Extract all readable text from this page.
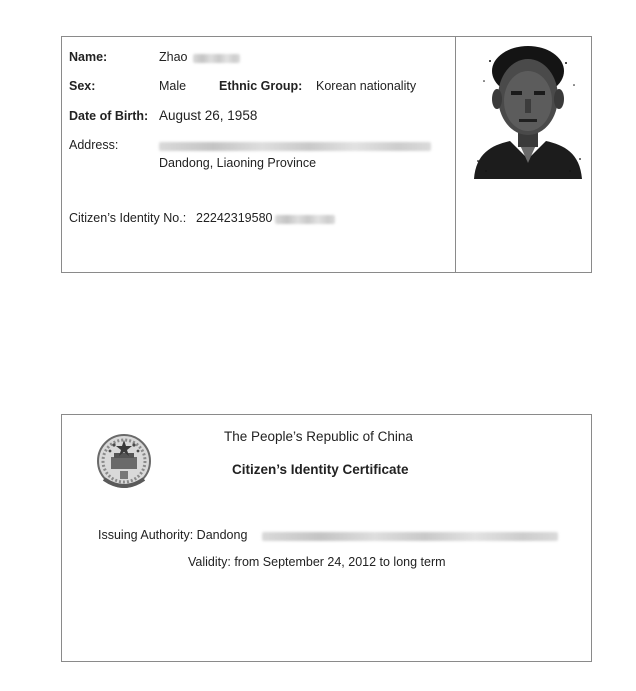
Name:	Zhao
Sex:	Male	Ethnic Group: Korean nationality
Date of Birth: August 26, 1958
Address:
Dandong, Liaoning Province
Citizen’s Identity No.: 22242319580
The People’s Republic of China
Citizen’s Identity Certificate
Issuing Authority: Dandong
Validity: from September 24, 2012 to long term
